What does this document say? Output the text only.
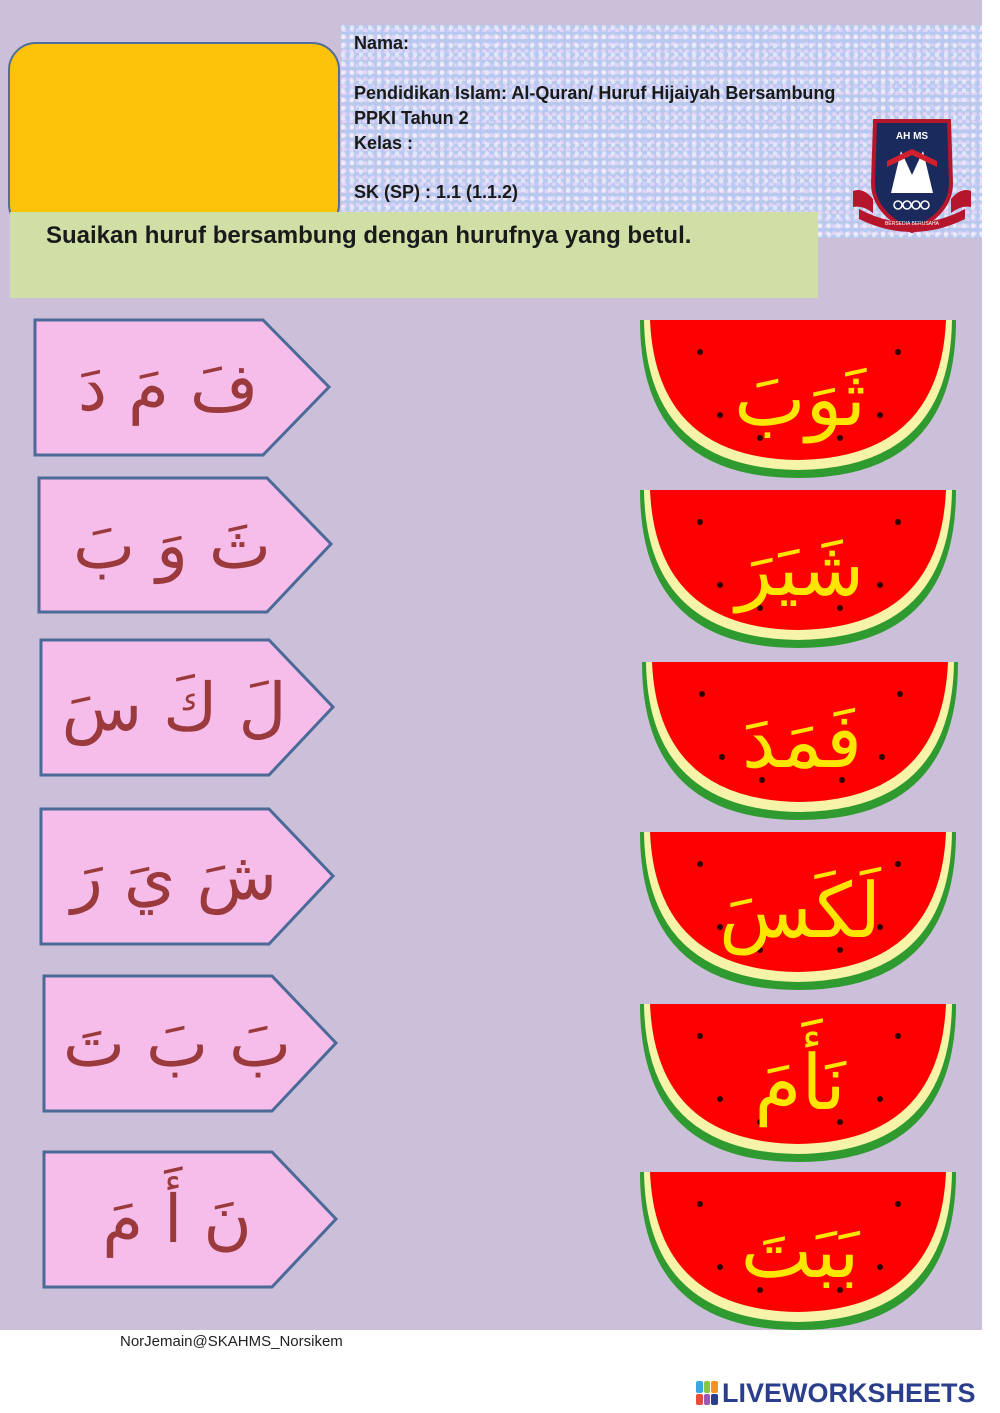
Nama:
Pendidikan Islam: Al-Quran/ Huruf Hijaiyah Bersambung
PPKI Tahun 2
Kelas :
SK (SP) : 1.1 (1.1.2)
AH MS
BERSEDIA BERUSAHA
Suaikan huruf bersambung dengan hurufnya yang betul.
فَ مَ دَ
ثَ وَ بَ
لَ كَ سَ
شَ يَ رَ
بَ بَ تَ
نَ أَ مَ
ثَوَبَ
شَيَرَ
فَمَدَ
لَكَسَ
نَأَمَ
بَبَتَ
NorJemain@SKAHMS_Norsikem
LIVEWORKSHEETS
